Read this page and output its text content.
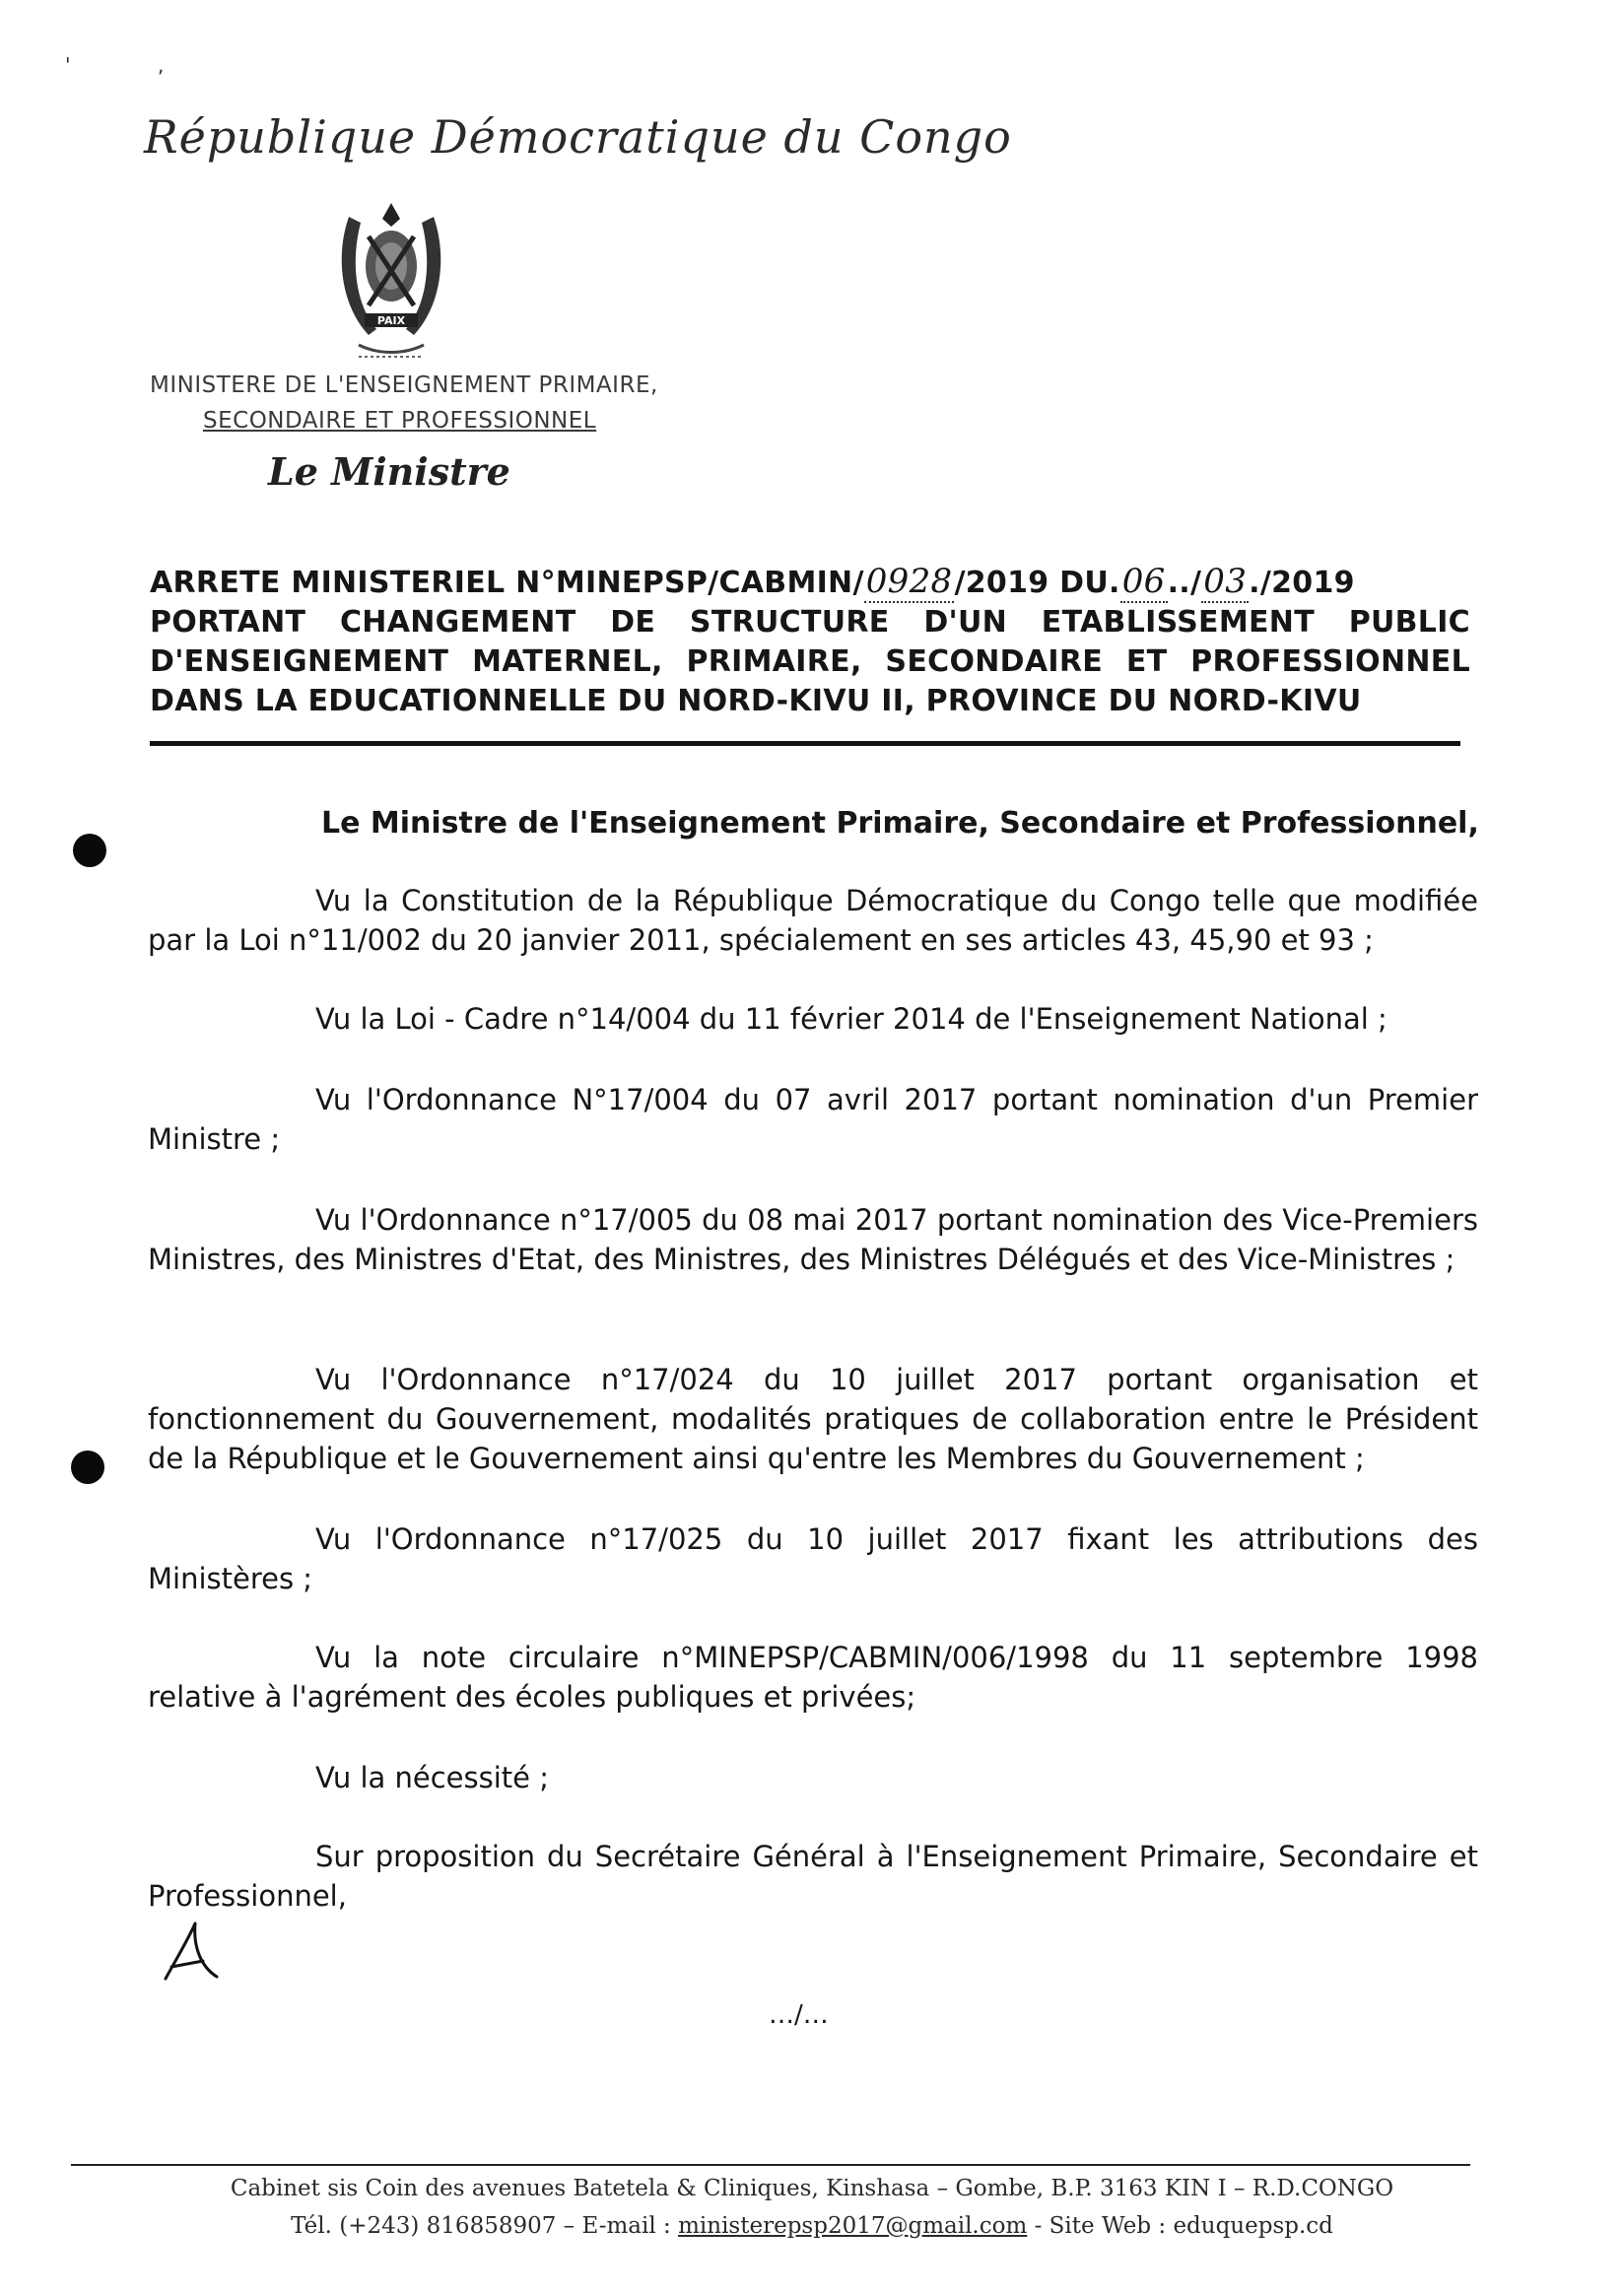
'	,
République Démocratique du Congo
PAIX
MINISTERE DE L'ENSEIGNEMENT PRIMAIRE,
SECONDAIRE ET PROFESSIONNEL
Le Ministre
ARRETE MINISTERIEL N°MINEPSP/CABMIN/0928/2019 DU.06../03./2019
PORTANT CHANGEMENT DE STRUCTURE D'UN ETABLISSEMENT PUBLIC
D'ENSEIGNEMENT MATERNEL, PRIMAIRE, SECONDAIRE ET PROFESSIONNEL
DANS LA EDUCATIONNELLE DU NORD-KIVU II, PROVINCE DU NORD-KIVU
Le Ministre de l'Enseignement Primaire, Secondaire et Professionnel,

Vu la Constitution de la République Démocratique du Congo telle que modifiée par la Loi n°11/002 du 20 janvier 2011, spécialement en ses articles 43, 45,90 et 93 ;

Vu la Loi - Cadre n°14/004 du 11 février 2014 de l'Enseignement National ;

Vu l'Ordonnance N°17/004 du 07 avril 2017 portant nomination d'un Premier Ministre ;

Vu l'Ordonnance n°17/005 du 08 mai 2017 portant nomination des Vice-Premiers Ministres, des Ministres d'Etat, des Ministres, des Ministres Délégués et des Vice-Ministres ;

Vu l'Ordonnance n°17/024 du 10 juillet 2017 portant organisation et fonctionnement du Gouvernement, modalités pratiques de collaboration entre le Président de la République et le Gouvernement ainsi qu'entre les Membres du Gouvernement ;

Vu l'Ordonnance n°17/025 du 10 juillet 2017 fixant les attributions des Ministères ;

Vu la note circulaire n°MINEPSP/CABMIN/006/1998 du 11 septembre 1998 relative à l'agrément des écoles publiques et privées;

Vu la nécessité ;

Sur proposition du Secrétaire Général à l'Enseignement Primaire, Secondaire et Professionnel,

…/…
Cabinet sis Coin des avenues Batetela & Cliniques, Kinshasa – Gombe, B.P. 3163 KIN I – R.D.CONGO
Tél. (+243) 816858907 – E-mail : ministerepsp2017@gmail.com - Site Web : eduquepsp.cd
